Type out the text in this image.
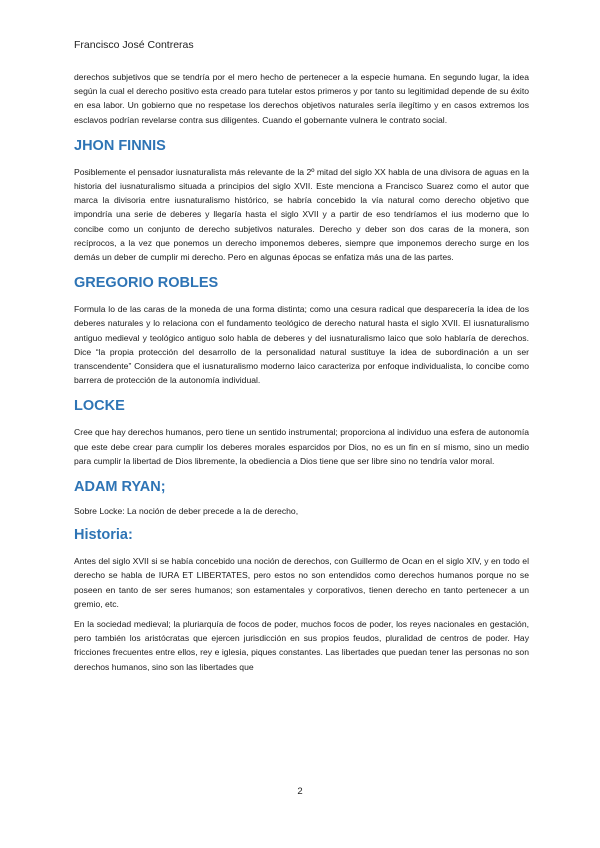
Francisco José Contreras

derechos subjetivos que se tendría por el mero hecho de pertenecer a la especie humana. En segundo lugar, la idea según la cual el derecho positivo esta creado para tutelar estos primeros y por tanto su legitimidad depende de su éxito en esa labor. Un gobierno que no respetase los derechos objetivos naturales sería ilegítimo y en casos extremos los esclavos podrían revelarse contra sus diligentes. Cuando el gobernante vulnera le contrato social.

JHON FINNIS

Posiblemente el pensador iusnaturalista más relevante de la 2º mitad del siglo XX habla de una divisora de aguas en la historia del iusnaturalismo situada a principios del siglo XVII. Este menciona a Francisco Suarez como el autor que marca la divisoria entre iusnaturalismo histórico, se habría concebido la vía natural como derecho objetivo que impondría una serie de deberes y llegaría hasta el siglo XVII y a partir de eso tendríamos el ius moderno que lo concibe como un conjunto de derecho subjetivos naturales. Derecho y deber son dos caras de la monera, son recíprocos, a la vez que ponemos un derecho imponemos deberes, siempre que imponemos derecho surge en los demás un deber de cumplir mi derecho. Pero en algunas épocas se enfatiza más una de las partes.

GREGORIO ROBLES

Formula lo de las caras de la moneda de una forma distinta; como una cesura radical que desparecería la idea de los deberes naturales y lo relaciona con el fundamento teológico de derecho natural hasta el siglo XVII. El iusnaturalismo antiguo medieval y teológico antiguo solo habla de deberes y del iusnaturalismo laico que solo hablaría de derechos. Dice “la propia protección del desarrollo de la personalidad natural sustituye la idea de subordinación a un ser transcendente” Considera que el iusnaturalismo moderno laico caracteriza por enfoque individualista, lo concibe como barrera de protección de la autonomía individual.

LOCKE

Cree que hay derechos humanos, pero tiene un sentido instrumental; proporciona al individuo una esfera de autonomía que este debe crear para cumplir los deberes morales esparcidos por Dios, no es un fin en sí mismo, sino un medio para cumplir la libertad de Dios libremente, la obediencia a Dios tiene que ser libre sino no tendría valor moral.

ADAM RYAN;

Sobre Locke: La noción de deber precede a la de derecho,

Historia:

Antes del siglo XVII si se había concebido una noción de derechos, con Guillermo de Ocan en el siglo XIV, y en todo el derecho se habla de IURA ET LIBERTATES, pero estos no son entendidos como derechos humanos porque no se poseen en tanto de ser seres humanos; son estamentales y corporativos, tienen derecho en tanto pertenecer a un gremio, etc.

En la sociedad medieval; la pluriarquía de focos de poder, muchos focos de poder, los reyes nacionales en gestación, pero también los aristócratas que ejercen jurisdicción en sus propios feudos, pluralidad de centros de poder. Hay fricciones frecuentes entre ellos, rey e iglesia, piques constantes. Las libertades que puedan tener las personas no son derechos humanos, sino son las libertades que

2
